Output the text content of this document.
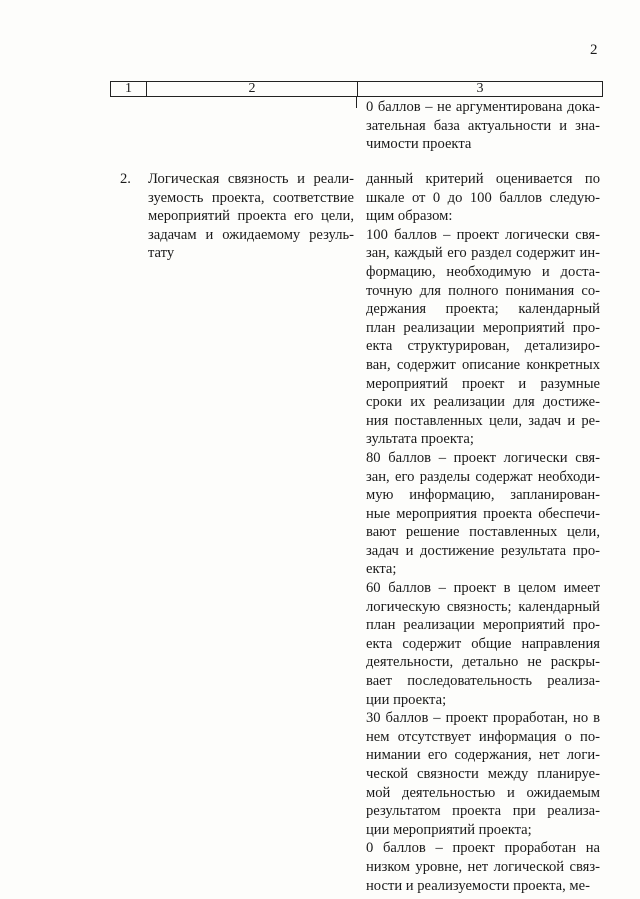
2
1	2	3
0 баллов – не аргументирована дока-
зательная база актуальности и зна-
чимости проекта
2. Логическая связность и реали-
зуемость проекта, соответствие
мероприятий проекта его цели,
задачам и ожидаемому резуль-
тату
данный критерий оценивается по
шкале от 0 до 100 баллов следую-
щим образом:
100 баллов – проект логически свя-
зан, каждый его раздел содержит ин-
формацию, необходимую и доста-
точную для полного понимания со-
держания проекта; календарный
план реализации мероприятий про-
екта структурирован, детализиро-
ван, содержит описание конкретных
мероприятий проект и разумные
сроки их реализации для достиже-
ния поставленных цели, задач и ре-
зультата проекта;
80 баллов – проект логически свя-
зан, его разделы содержат необходи-
мую информацию, запланирован-
ные мероприятия проекта обеспечи-
вают решение поставленных цели,
задач и достижение результата про-
екта;
60 баллов – проект в целом имеет
логическую связность; календарный
план реализации мероприятий про-
екта содержит общие направления
деятельности, детально не раскры-
вает последовательность реализа-
ции проекта;
30 баллов – проект проработан, но в
нем отсутствует информация о по-
нимании его содержания, нет логи-
ческой связности между планируе-
мой деятельностью и ожидаемым
результатом проекта при реализа-
ции мероприятий проекта;
0 баллов – проект проработан на
низком уровне, нет логической связ-
ности и реализуемости проекта, ме-
